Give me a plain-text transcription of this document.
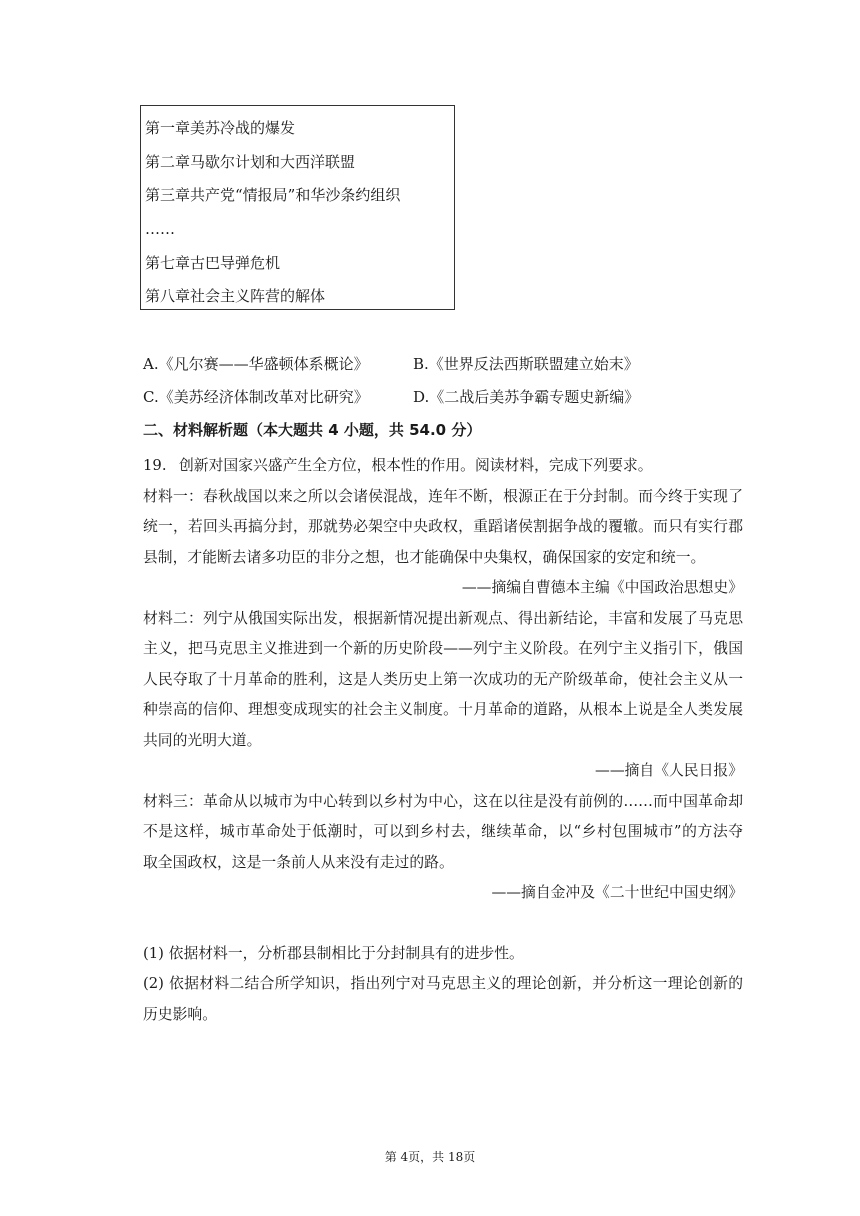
第一章美苏冷战的爆发
第二章马歇尔计划和大西洋联盟
第三章共产党“情报局”和华沙条约组织
……
第七章古巴导弹危机
第八章社会主义阵营的解体
A.《凡尔赛——华盛顿体系概论》	B.《世界反法西斯联盟建立始末》
C.《美苏经济体制改革对比研究》	D.《二战后美苏争霸专题史新编》
二、材料解析题（本大题共 4 小题，共 54.0 分）
19. 创新对国家兴盛产生全方位，根本性的作用。阅读材料，完成下列要求。
材料一：春秋战国以来之所以会诸侯混战，连年不断，根源正在于分封制。而今终于实现了
统一，若回头再搞分封，那就势必架空中央政权，重蹈诸侯割据争战的覆辙。而只有实行郡
县制，才能断去诸多功臣的非分之想，也才能确保中央集权，确保国家的安定和统一。
——摘编自曹德本主编《中国政治思想史》
材料二：列宁从俄国实际出发，根据新情况提出新观点、得出新结论，丰富和发展了马克思
主义，把马克思主义推进到一个新的历史阶段——列宁主义阶段。在列宁主义指引下，俄国
人民夺取了十月革命的胜利，这是人类历史上第一次成功的无产阶级革命，使社会主义从一
种崇高的信仰、理想变成现实的社会主义制度。十月革命的道路，从根本上说是全人类发展
共同的光明大道。
——摘自《人民日报》
材料三：革命从以城市为中心转到以乡村为中心，这在以往是没有前例的……而中国革命却
不是这样，城市革命处于低潮时，可以到乡村去，继续革命，以“乡村包围城市”的方法夺
取全国政权，这是一条前人从来没有走过的路。
——摘自金冲及《二十世纪中国史纲》
(1) 依据材料一，分析郡县制相比于分封制具有的进步性。
(2) 依据材料二结合所学知识，指出列宁对马克思主义的理论创新，并分析这一理论创新的
历史影响。
第 4页，共 18页
